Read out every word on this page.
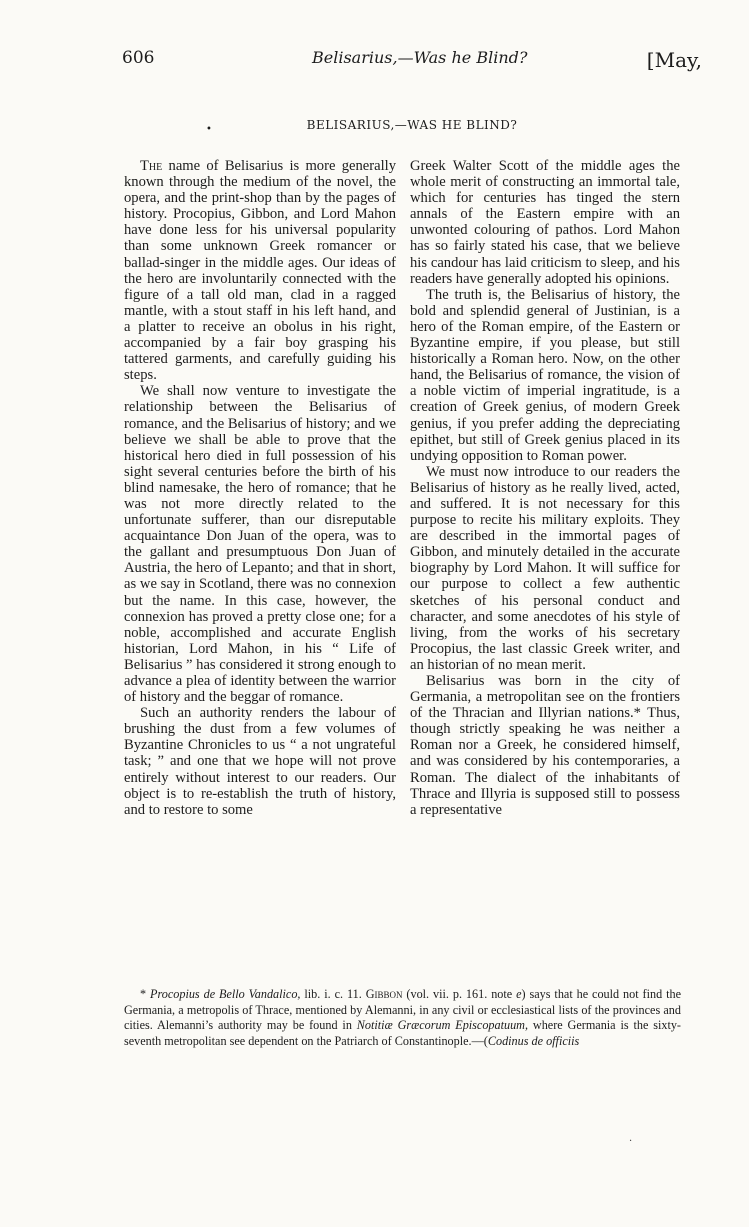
606	Belisarius,—Was he Blind?	[May,
BELISARIUS,—WAS HE BLIND?
•

The name of Belisarius is more generally known through the medium of the novel, the opera, and the print-shop than by the pages of history. Procopius, Gibbon, and Lord Mahon have done less for his universal popularity than some unknown Greek romancer or ballad-singer in the middle ages. Our ideas of the hero are involuntarily connected with the figure of a tall old man, clad in a ragged mantle, with a stout staff in his left hand, and a platter to receive an obolus in his right, accompanied by a fair boy grasping his tattered garments, and carefully guiding his steps.

We shall now venture to investigate the relationship between the Belisarius of romance, and the Belisarius of history; and we believe we shall be able to prove that the historical hero died in full possession of his sight several centuries before the birth of his blind namesake, the hero of romance; that he was not more directly related to the unfortunate sufferer, than our disreputable acquaintance Don Juan of the opera, was to the gallant and presumptuous Don Juan of Austria, the hero of Lepanto; and that in short, as we say in Scotland, there was no connexion but the name. In this case, however, the connexion has proved a pretty close one; for a noble, accomplished and accurate English historian, Lord Mahon, in his “ Life of Belisarius ” has considered it strong enough to advance a plea of identity between the warrior of history and the beggar of romance.

Such an authority renders the labour of brushing the dust from a few volumes of Byzantine Chronicles to us “ a not ungrateful task; ” and one that we hope will not prove entirely without interest to our readers. Our object is to re-establish the truth of history, and to restore to some

Greek Walter Scott of the middle ages the whole merit of constructing an immortal tale, which for centuries has tinged the stern annals of the Eastern empire with an unwonted colouring of pathos. Lord Mahon has so fairly stated his case, that we believe his candour has laid criticism to sleep, and his readers have generally adopted his opinions.

The truth is, the Belisarius of history, the bold and splendid general of Justinian, is a hero of the Roman empire, of the Eastern or Byzantine empire, if you please, but still historically a Roman hero. Now, on the other hand, the Belisarius of romance, the vision of a noble victim of imperial ingratitude, is a creation of Greek genius, of modern Greek genius, if you prefer adding the depreciating epithet, but still of Greek genius placed in its undying opposition to Roman power.

We must now introduce to our readers the Belisarius of history as he really lived, acted, and suffered. It is not necessary for this purpose to recite his military exploits. They are described in the immortal pages of Gibbon, and minutely detailed in the accurate biography by Lord Mahon. It will suffice for our purpose to collect a few authentic sketches of his personal conduct and character, and some anecdotes of his style of living, from the works of his secretary Procopius, the last classic Greek writer, and an historian of no mean merit.

Belisarius was born in the city of Germania, a metropolitan see on the frontiers of the Thracian and Illyrian nations.* Thus, though strictly speaking he was neither a Roman nor a Greek, he considered himself, and was considered by his contemporaries, a Roman. The dialect of the inhabitants of Thrace and Illyria is supposed still to possess a representative

* Procopius de Bello Vandalico, lib. i. c. 11. Gibbon (vol. vii. p. 161. note e) says that he could not find the Germania, a metropolis of Thrace, mentioned by Alemanni, in any civil or ecclesiastical lists of the provinces and cities. Alemanni’s authority may be found in Notitiæ Græcorum Episcopatuum, where Germania is the sixty-seventh metropolitan see dependent on the Patriarch of Constantinople.—(Codinus de officiis

·
